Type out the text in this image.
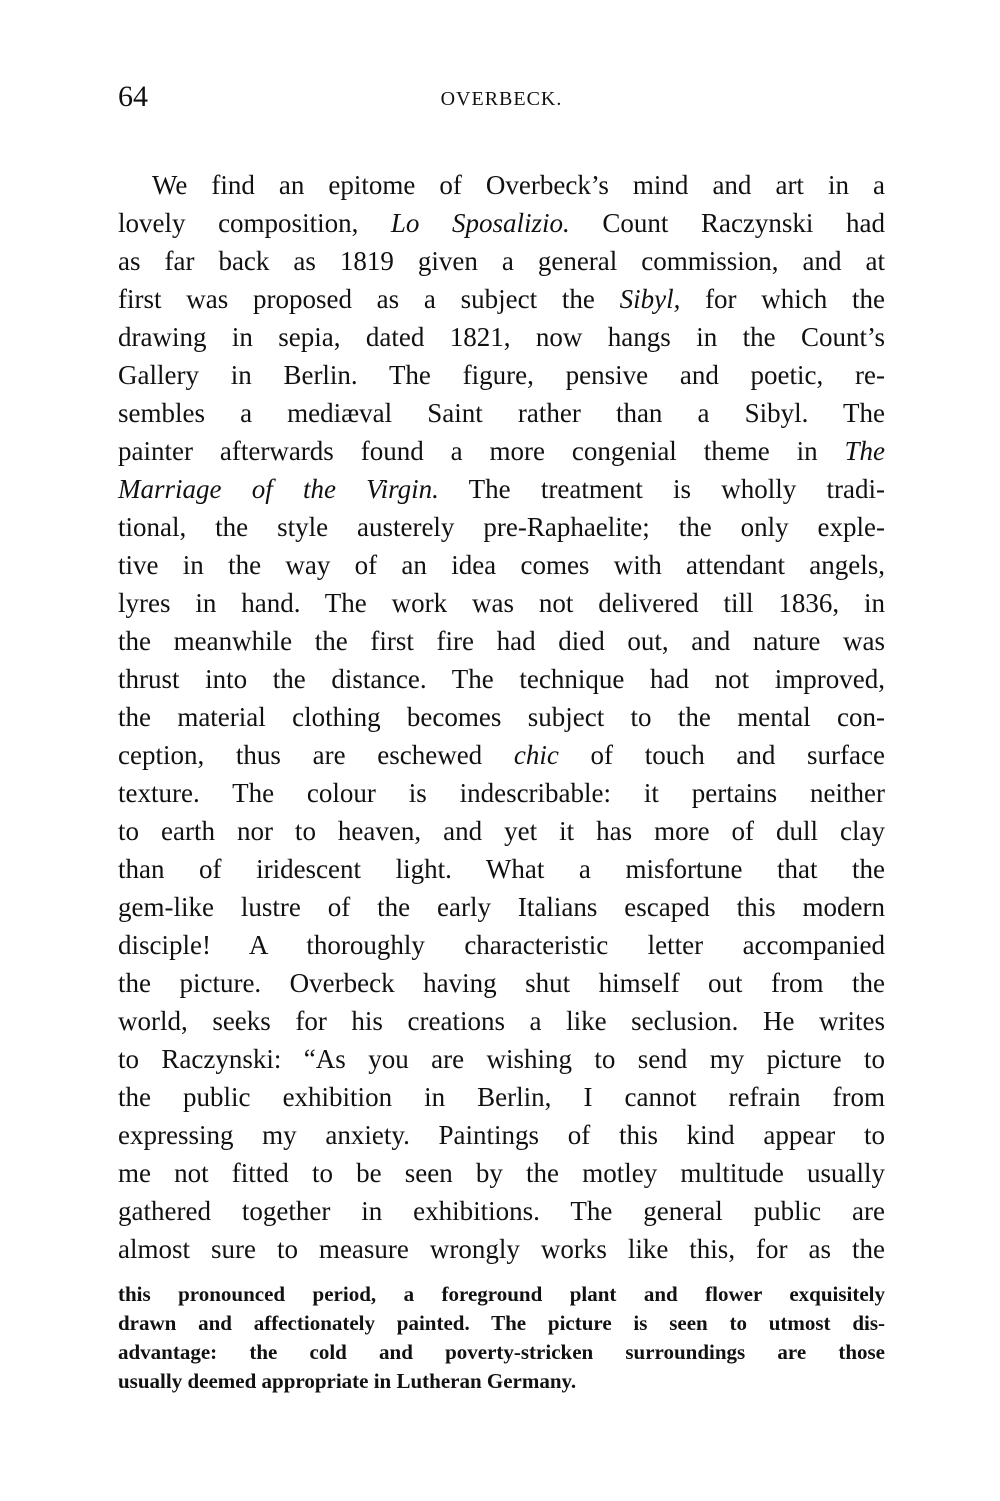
64	OVERBECK.
We find an epitome of Overbeck’s mind and art in a
lovely composition, Lo Sposalizio. Count Raczynski had
as far back as 1819 given a general commission, and at
first was proposed as a subject the Sibyl, for which the
drawing in sepia, dated 1821, now hangs in the Count’s
Gallery in Berlin. The figure, pensive and poetic, re-
sembles a mediæval Saint rather than a Sibyl. The
painter afterwards found a more congenial theme in The
Marriage of the Virgin. The treatment is wholly tradi-
tional, the style austerely pre-Raphaelite; the only exple-
tive in the way of an idea comes with attendant angels,
lyres in hand. The work was not delivered till 1836, in
the meanwhile the first fire had died out, and nature was
thrust into the distance. The technique had not improved,
the material clothing becomes subject to the mental con-
ception, thus are eschewed chic of touch and surface
texture. The colour is indescribable: it pertains neither
to earth nor to heaven, and yet it has more of dull clay
than of iridescent light. What a misfortune that the
gem-like lustre of the early Italians escaped this modern
disciple! A thoroughly characteristic letter accompanied
the picture. Overbeck having shut himself out from the
world, seeks for his creations a like seclusion. He writes
to Raczynski: “As you are wishing to send my picture to
the public exhibition in Berlin, I cannot refrain from
expressing my anxiety. Paintings of this kind appear to
me not fitted to be seen by the motley multitude usually
gathered together in exhibitions. The general public are
almost sure to measure wrongly works like this, for as the
this pronounced period, a foreground plant and flower exquisitely
drawn and affectionately painted. The picture is seen to utmost dis-
advantage: the cold and poverty-stricken surroundings are those
usually deemed appropriate in Lutheran Germany.
